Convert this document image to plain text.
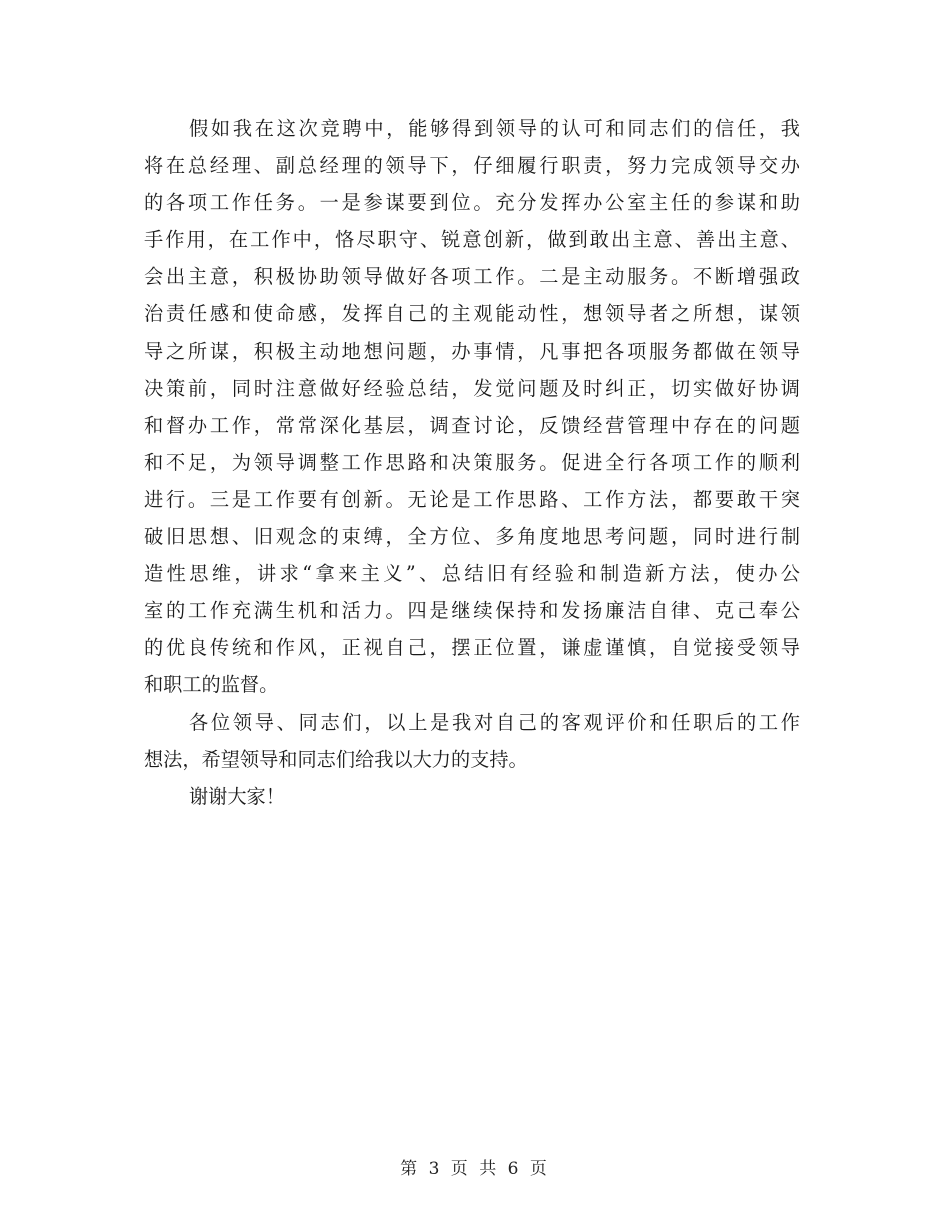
假如我在这次竞聘中，能够得到领导的认可和同志们的信任，我
将在总经理、副总经理的领导下，仔细履行职责，努力完成领导交办
的各项工作任务。一是参谋要到位。充分发挥办公室主任的参谋和助
手作用，在工作中，恪尽职守、锐意创新，做到敢出主意、善出主意、
会出主意，积极协助领导做好各项工作。二是主动服务。不断增强政
治责任感和使命感，发挥自己的主观能动性，想领导者之所想，谋领
导之所谋，积极主动地想问题，办事情，凡事把各项服务都做在领导
决策前，同时注意做好经验总结，发觉问题及时纠正，切实做好协调
和督办工作，常常深化基层，调查讨论，反馈经营管理中存在的问题
和不足，为领导调整工作思路和决策服务。促进全行各项工作的顺利
进行。三是工作要有创新。无论是工作思路、工作方法，都要敢干突
破旧思想、旧观念的束缚，全方位、多角度地思考问题，同时进行制
造性思维，讲求“拿来主义”、总结旧有经验和制造新方法，使办公
室的工作充满生机和活力。四是继续保持和发扬廉洁自律、克己奉公
的优良传统和作风，正视自己，摆正位置，谦虚谨慎，自觉接受领导
和职工的监督。
各位领导、同志们，以上是我对自己的客观评价和任职后的工作
想法，希望领导和同志们给我以大力的支持。
谢谢大家！
第 3 页 共 6 页
